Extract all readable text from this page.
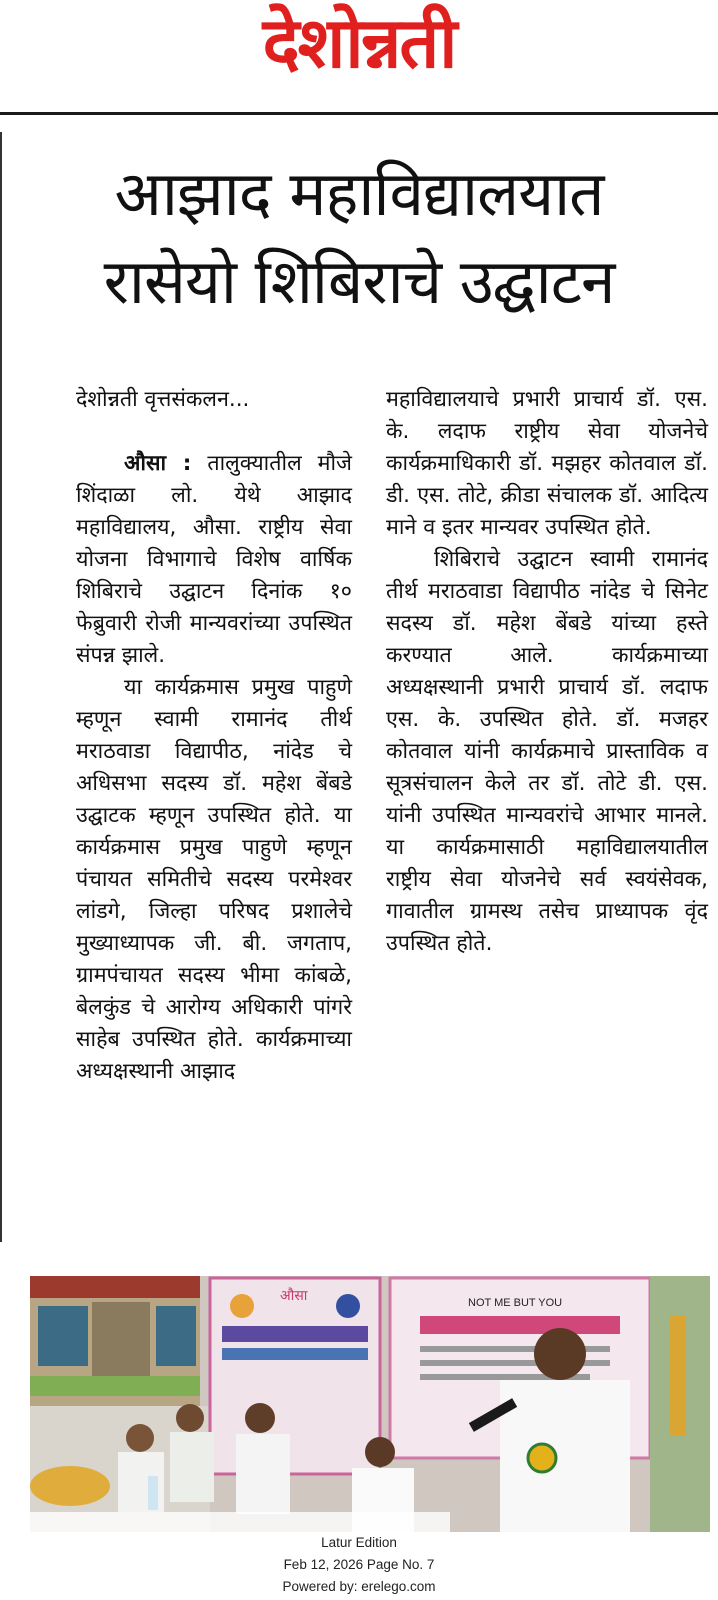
देशोन्नती
आझाद महाविद्यालयात
रासेयो शिबिराचे उद्घाटन

देशोन्नती वृत्तसंकलन...

औसा : तालुक्यातील मौजे शिंदाळा लो. येथे आझाद महाविद्यालय, औसा. राष्ट्रीय सेवा योजना विभागाचे विशेष वार्षिक शिबिराचे उद्घाटन दिनांक १० फेब्रुवारी रोजी मान्यवरांच्या उपस्थित संपन्न झाले.

या कार्यक्रमास प्रमुख पाहुणे म्हणून स्वामी रामानंद तीर्थ मराठवाडा विद्यापीठ, नांदेड चे अधिसभा सदस्य डॉ. महेश बेंबडे उद्घाटक म्हणून उपस्थित होते. या कार्यक्रमास प्रमुख पाहुणे म्हणून पंचायत समितीचे सदस्य परमेश्वर लांडगे, जिल्हा परिषद प्रशालेचे मुख्याध्यापक जी. बी. जगताप, ग्रामपंचायत सदस्य भीमा कांबळे, बेलकुंड चे आरोग्य अधिकारी पांगरे साहेब उपस्थित होते. कार्यक्रमाच्या अध्यक्षस्थानी आझाद

महाविद्यालयाचे प्रभारी प्राचार्य डॉ. एस. के. लदाफ राष्ट्रीय सेवा योजनेचे कार्यक्रमाधिकारी डॉ. मझहर कोतवाल डॉ. डी. एस. तोटे, क्रीडा संचालक डॉ. आदित्य माने व इतर मान्यवर उपस्थित होते.

शिबिराचे उद्घाटन स्वामी रामानंद तीर्थ मराठवाडा विद्यापीठ नांदेड चे सिनेट सदस्य डॉ. महेश बेंबडे यांच्या हस्ते करण्यात आले. कार्यक्रमाच्या अध्यक्षस्थानी प्रभारी प्राचार्य डॉ. लदाफ एस. के. उपस्थित होते. डॉ. मजहर कोतवाल यांनी कार्यक्रमाचे प्रास्ताविक व सूत्रसंचालन केले तर डॉ. तोटे डी. एस. यांनी उपस्थित मान्यवरांचे आभार मानले. या कार्यक्रमासाठी महाविद्यालयातील राष्ट्रीय सेवा योजनेचे सर्व स्वयंसेवक, गावातील ग्रामस्थ तसेच प्राध्यापक वृंद उपस्थित होते.

औसा	NOT ME BUT YOU
Latur Edition
Feb 12, 2026 Page No. 7
Powered by: erelego.com
